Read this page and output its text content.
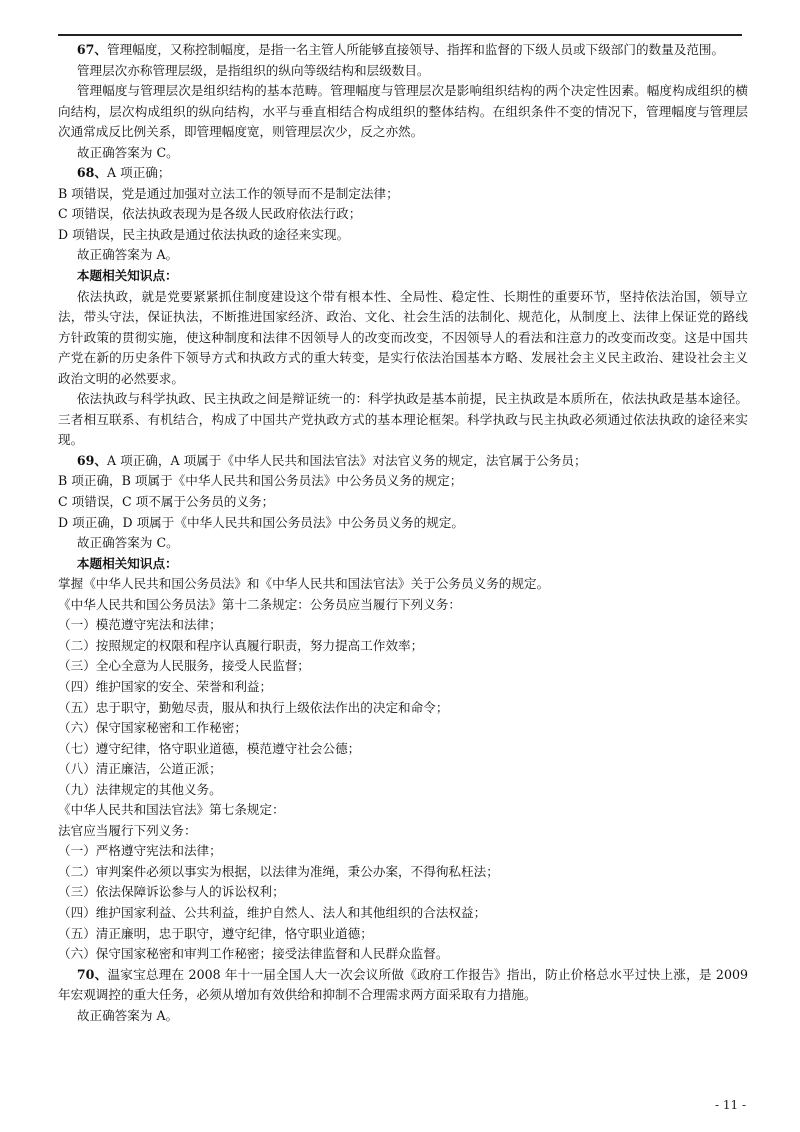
67、管理幅度，又称控制幅度，是指一名主管人所能够直接领导、指挥和监督的下级人员或下级部门的数量及范围。

管理层次亦称管理层级，是指组织的纵向等级结构和层级数目。

管理幅度与管理层次是组织结构的基本范畴。管理幅度与管理层次是影响组织结构的两个决定性因素。幅度构成组织的横向结构，层次构成组织的纵向结构，水平与垂直相结合构成组织的整体结构。在组织条件不变的情况下，管理幅度与管理层次通常成反比例关系，即管理幅度宽，则管理层次少，反之亦然。

故正确答案为 C。

68、A 项正确；

B 项错误，党是通过加强对立法工作的领导而不是制定法律；

C 项错误，依法执政表现为是各级人民政府依法行政；

D 项错误，民主执政是通过依法执政的途径来实现。

故正确答案为 A。

本题相关知识点：

依法执政，就是党要紧紧抓住制度建设这个带有根本性、全局性、稳定性、长期性的重要环节，坚持依法治国，领导立法，带头守法，保证执法，不断推进国家经济、政治、文化、社会生活的法制化、规范化，从制度上、法律上保证党的路线方针政策的贯彻实施，使这种制度和法律不因领导人的改变而改变，不因领导人的看法和注意力的改变而改变。这是中国共产党在新的历史条件下领导方式和执政方式的重大转变，是实行依法治国基本方略、发展社会主义民主政治、建设社会主义政治文明的必然要求。

依法执政与科学执政、民主执政之间是辩证统一的：科学执政是基本前提，民主执政是本质所在，依法执政是基本途径。三者相互联系、有机结合，构成了中国共产党执政方式的基本理论框架。科学执政与民主执政必须通过依法执政的途径来实现。

69、A 项正确，A 项属于《中华人民共和国法官法》对法官义务的规定，法官属于公务员；

B 项正确，B 项属于《中华人民共和国公务员法》中公务员义务的规定；

C 项错误，C 项不属于公务员的义务；

D 项正确，D 项属于《中华人民共和国公务员法》中公务员义务的规定。

故正确答案为 C。

本题相关知识点：

掌握《中华人民共和国公务员法》和《中华人民共和国法官法》关于公务员义务的规定。

《中华人民共和国公务员法》第十二条规定：公务员应当履行下列义务：

（一）模范遵守宪法和法律；

（二）按照规定的权限和程序认真履行职责，努力提高工作效率；

（三）全心全意为人民服务，接受人民监督；

（四）维护国家的安全、荣誉和利益；

（五）忠于职守，勤勉尽责，服从和执行上级依法作出的决定和命令；

（六）保守国家秘密和工作秘密；

（七）遵守纪律，恪守职业道德，模范遵守社会公德；

（八）清正廉洁，公道正派；

（九）法律规定的其他义务。

《中华人民共和国法官法》第七条规定：

法官应当履行下列义务：

（一）严格遵守宪法和法律；

（二）审判案件必须以事实为根据，以法律为准绳，秉公办案，不得徇私枉法；

（三）依法保障诉讼参与人的诉讼权利；

（四）维护国家利益、公共利益，维护自然人、法人和其他组织的合法权益；

（五）清正廉明，忠于职守，遵守纪律，恪守职业道德；

（六）保守国家秘密和审判工作秘密；接受法律监督和人民群众监督。

70、温家宝总理在 2008 年十一届全国人大一次会议所做《政府工作报告》指出，防止价格总水平过快上涨，是 2009 年宏观调控的重大任务，必须从增加有效供给和抑制不合理需求两方面采取有力措施。

故正确答案为 A。

- 11 -
